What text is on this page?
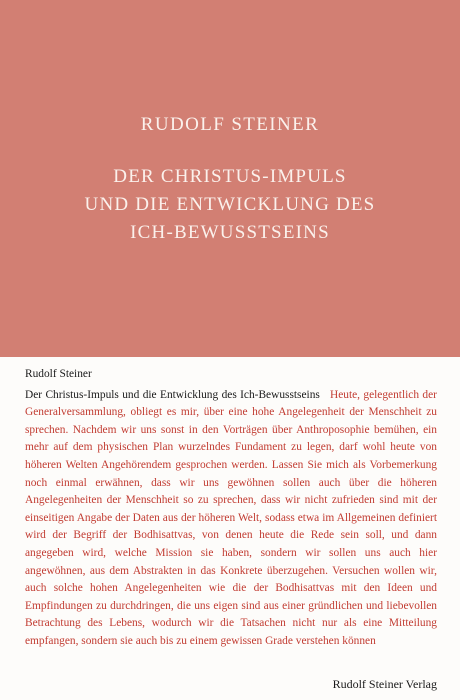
RUDOLF STEINER
DER CHRISTUS-IMPULS
UND DIE ENTWICKLUNG DES
ICH-BEWUSSTSEINS
Rudolf Steiner
Der Christus-Impuls und die Entwicklung des Ich-Bewusstseins Heute, gelegentlich der Generalversammlung, obliegt es mir, über eine hohe Angelegenheit der Menschheit zu sprechen. Nachdem wir uns sonst in den Vorträgen über Anthroposophie bemühen, ein mehr auf dem physischen Plan wurzelndes Fundament zu legen, darf wohl heute von höheren Welten Angehörendem gesprochen werden. Lassen Sie mich als Vorbemerkung noch einmal erwähnen, dass wir uns gewöhnen sollen auch über die höheren Angelegenheiten der Menschheit so zu sprechen, dass wir nicht zufrieden sind mit der einseitigen Angabe der Daten aus der höheren Welt, sodass etwa im Allgemeinen definiert wird der Begriff der Bodhisattvas, von denen heute die Rede sein soll, und dann angegeben wird, welche Mission sie haben, sondern wir sollen uns auch hier angewöhnen, aus dem Abstrakten in das Konkrete überzugehen. Versuchen wollen wir, auch solche hohen Angelegenheiten wie die der Bodhisattvas mit den Ideen und Empfindungen zu durchdringen, die uns eigen sind aus einer gründlichen und liebevollen Betrachtung des Lebens, wodurch wir die Tatsachen nicht nur als eine Mitteilung empfangen, sondern sie auch bis zu einem gewissen Grade verstehen können
Rudolf Steiner Verlag
